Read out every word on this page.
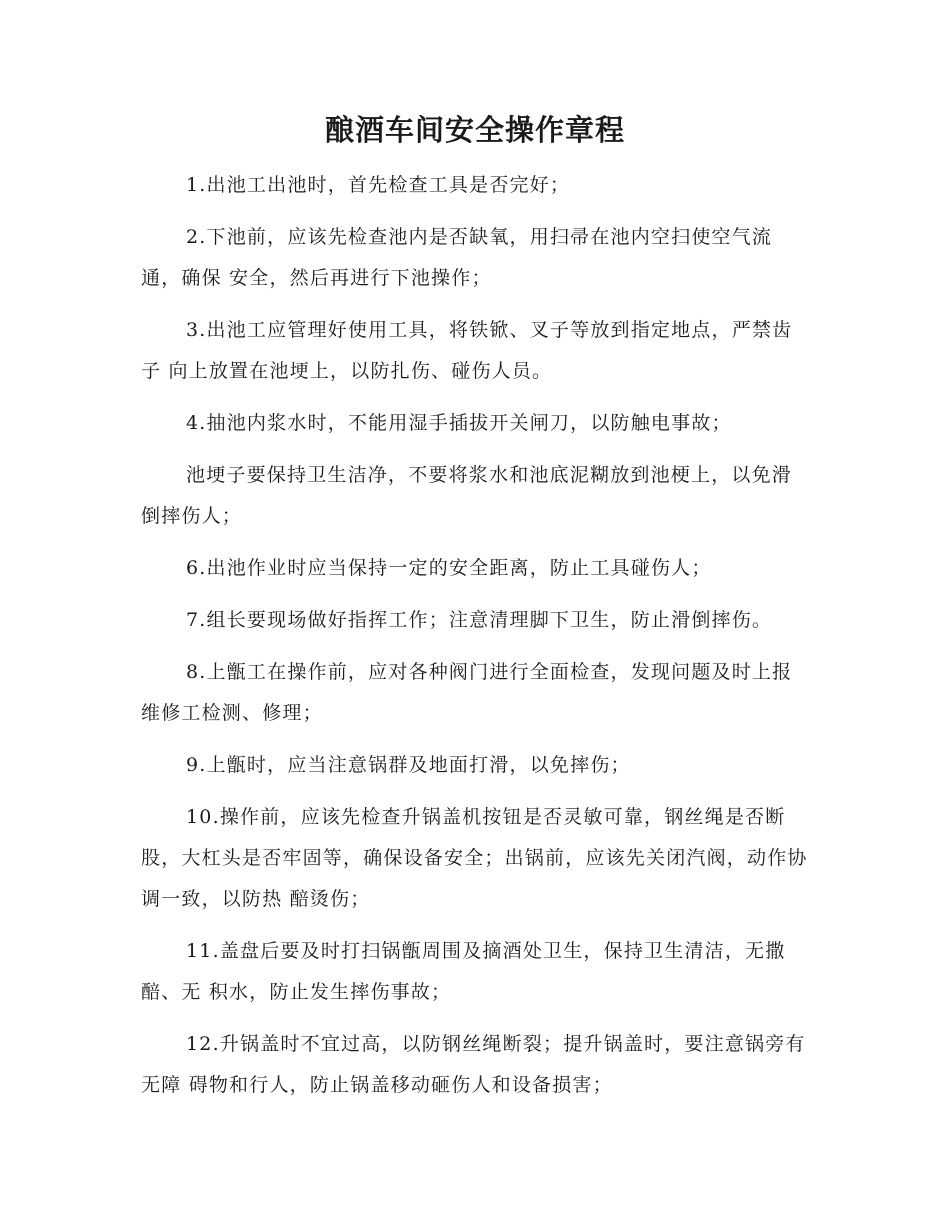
酿酒车间安全操作章程

1.出池工出池时，首先检查工具是否完好；

2.下池前，应该先检查池内是否缺氧，用扫帚在池内空扫使空气流通，确保 安全，然后再进行下池操作；

3.出池工应管理好使用工具，将铁锨、叉子等放到指定地点，严禁齿子 向上放置在池埂上，以防扎伤、碰伤人员。

4.抽池内浆水时，不能用湿手插拔开关闸刀，以防触电事故；

池埂子要保持卫生洁净，不要将浆水和池底泥糊放到池梗上，以免滑倒摔伤人；

6.出池作业时应当保持一定的安全距离，防止工具碰伤人；

7.组长要现场做好指挥工作；注意清理脚下卫生，防止滑倒摔伤。

8.上甑工在操作前，应对各种阀门进行全面检查，发现问题及时上报维修工检测、修理；

9.上甑时，应当注意锅群及地面打滑，以免摔伤；

10.操作前，应该先检查升锅盖机按钮是否灵敏可靠，钢丝绳是否断股，大杠头是否牢固等，确保设备安全；出锅前，应该先关闭汽阀，动作协调一致，以防热 醅烫伤；

11.盖盘后要及时打扫锅甑周围及摘酒处卫生，保持卫生清洁，无撒醅、无 积水，防止发生摔伤事故；

12.升锅盖时不宜过高，以防钢丝绳断裂；提升锅盖时，要注意锅旁有无障 碍物和行人，防止锅盖移动砸伤人和设备损害；
